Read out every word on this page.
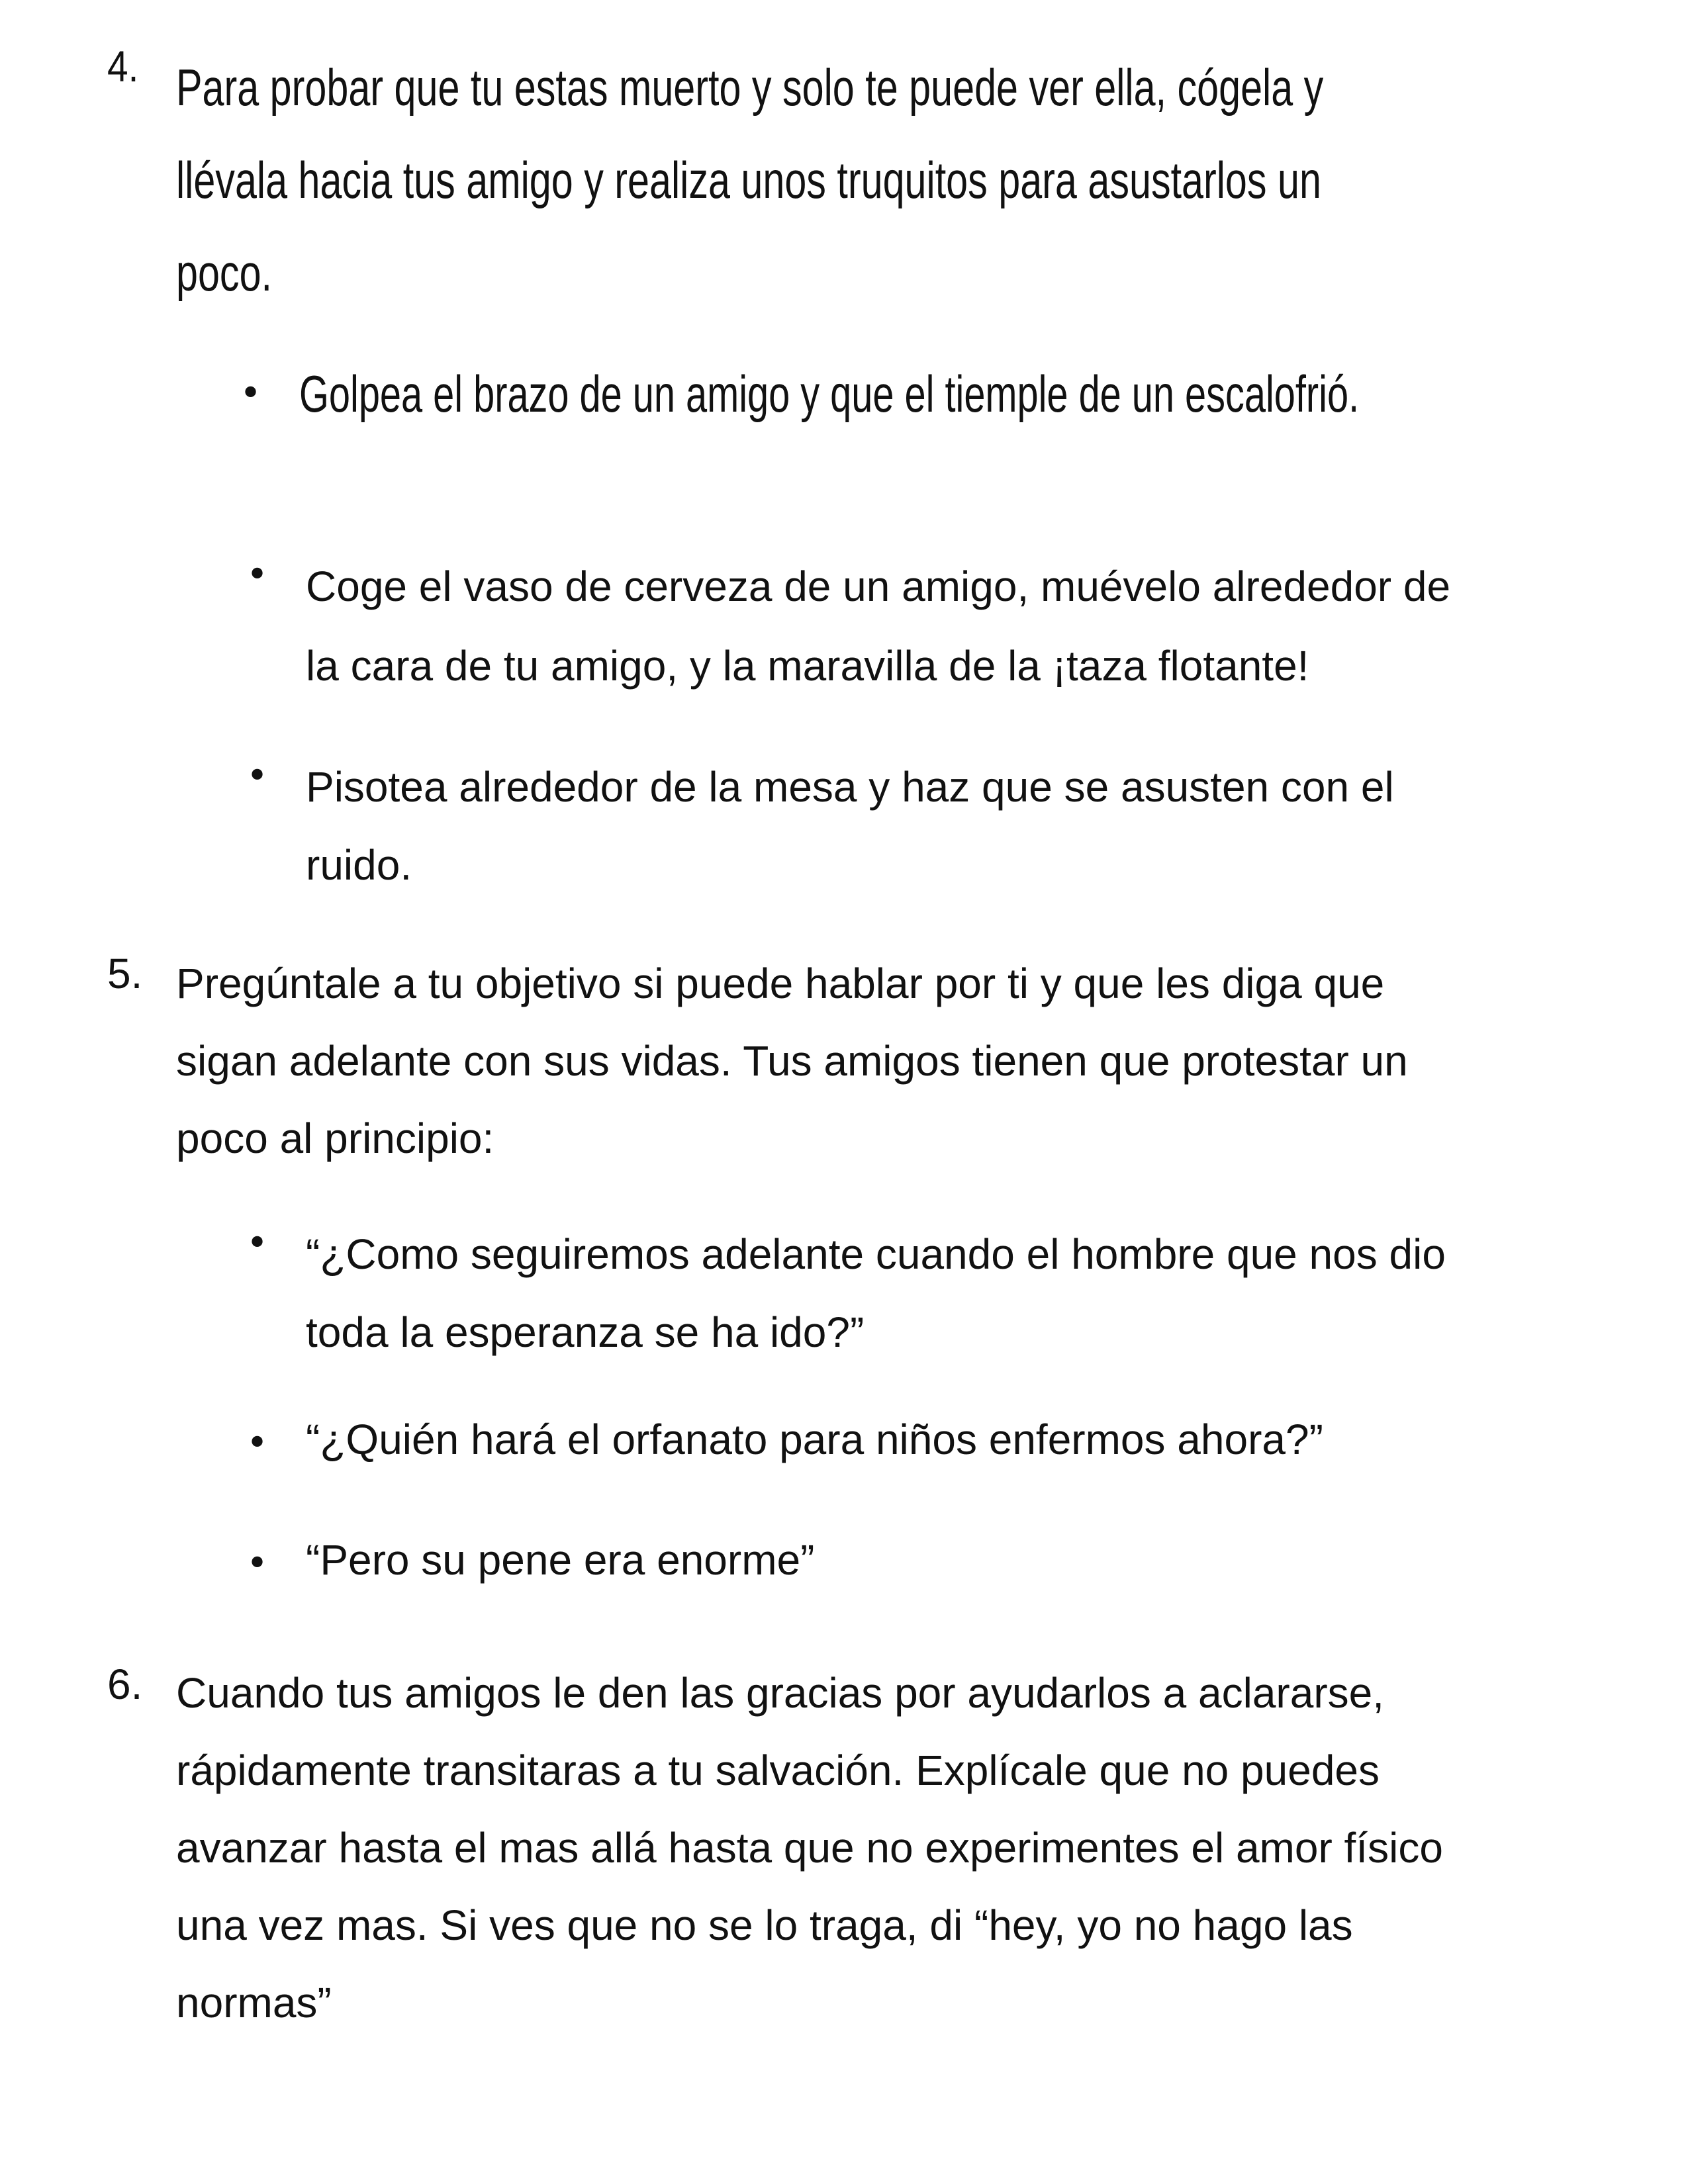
4. Para probar que tu estas muerto y solo te puede ver ella, cógela y
llévala hacia tus amigo y realiza unos truquitos para asustarlos un
poco.
• Golpea el brazo de un amigo y que el tiemple de un escalofrió.
• Coge el vaso de cerveza de un amigo, muévelo alrededor de
la cara de tu amigo, y la maravilla de la ¡taza flotante!
• Pisotea alrededor de la mesa y haz que se asusten con el
ruido.
5. Pregúntale a tu objetivo si puede hablar por ti y que les diga que
sigan adelante con sus vidas. Tus amigos tienen que protestar un
poco al principio:
• “¿Como seguiremos adelante cuando el hombre que nos dio
toda la esperanza se ha ido?”
• “¿Quién hará el orfanato para niños enfermos ahora?”
• “Pero su pene era enorme”
6. Cuando tus amigos le den las gracias por ayudarlos a aclararse,
rápidamente transitaras a tu salvación. Explícale que no puedes
avanzar hasta el mas allá hasta que no experimentes el amor físico
una vez mas. Si ves que no se lo traga, di “hey, yo no hago las
normas”
